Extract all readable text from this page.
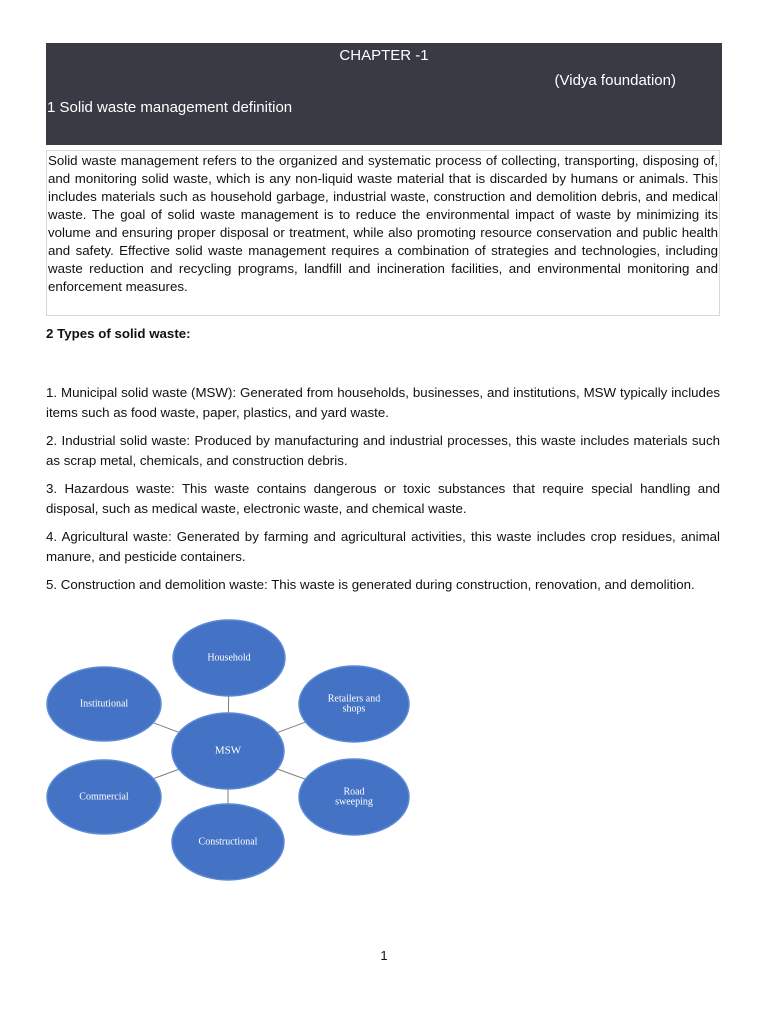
CHAPTER -1
(Vidya foundation)
1 Solid waste management definition

Solid waste management refers to the organized and systematic process of collecting, transporting, disposing of, and monitoring solid waste, which is any non-liquid waste material that is discarded by humans or animals. This includes materials such as household garbage, industrial waste, construction and demolition debris, and medical waste. The goal of solid waste management is to reduce the environmental impact of waste by minimizing its volume and ensuring proper disposal or treatment, while also promoting resource conservation and public health and safety. Effective solid waste management requires a combination of strategies and technologies, including waste reduction and recycling programs, landfill and incineration facilities, and environmental monitoring and enforcement measures.

2 Types of solid waste:

1. Municipal solid waste (MSW): Generated from households, businesses, and institutions, MSW typically includes items such as food waste, paper, plastics, and yard waste.

2. Industrial solid waste: Produced by manufacturing and industrial processes, this waste includes materials such as scrap metal, chemicals, and construction debris.

3. Hazardous waste: This waste contains dangerous or toxic substances that require special handling and disposal, such as medical waste, electronic waste, and chemical waste.

4. Agricultural waste: Generated by farming and agricultural activities, this waste includes crop residues, animal manure, and pesticide containers.

5. Construction and demolition waste: This waste is generated during construction, renovation, and demolition.

Household
Retailers and
shops
Road
sweeping
Constructional
Commercial
Institutional
MSW
1
